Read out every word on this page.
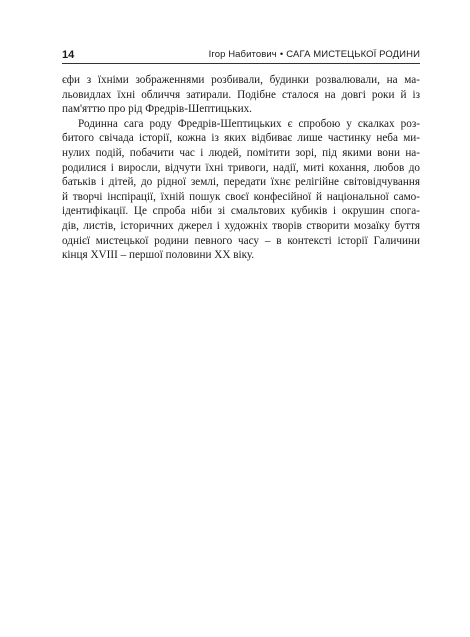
14	Ігор Набитович • САГА МИСТЕЦЬКОЇ РОДИНИ

єфи з їхніми зображеннями розбивали, будинки розвалювали, на ма-
льовидлах їхні обличчя затирали. Подібне сталося на довгі роки й із
пам'яттю про рід Фредрів-Шептицьких.

Родинна сага роду Фредрів-Шептицьких є спробою у скалках роз-
битого свічада історії, кожна із яких відбиває лише частинку неба ми-
нулих подій, побачити час і людей, помітити зорі, під якими вони на-
родилися і виросли, відчути їхні тривоги, надії, миті кохання, любов до
батьків і дітей, до рідної землі, передати їхнє релігійне світовідчування
й творчі інспірації, їхній пошук своєї конфесійної й національної само-
ідентифікації. Це спроба ніби зі смальтових кубиків і окрушин спога-
дів, листів, історичних джерел і художніх творів створити мозаїку буття
однієї мистецької родини певного часу – в контексті історії Галичини
кінця XVIII – першої половини XX віку.
